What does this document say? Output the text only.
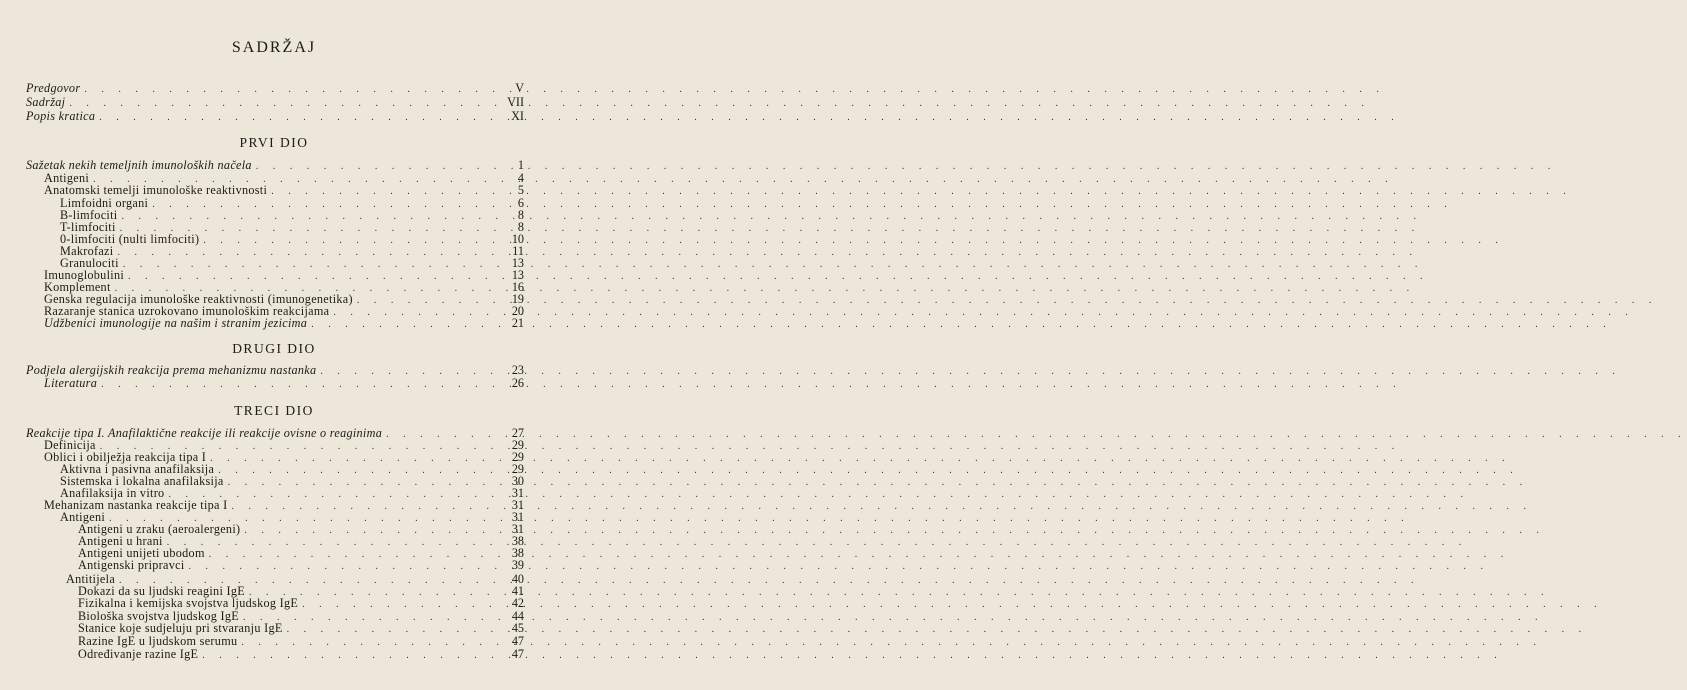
SADRŽAJ
Predgovor . . .	V
Sadržaj . . .	VII
Popis kratica . . .	XI
PRVI DIO
Sažetak nekih temeljnih imunoloških načela . . .	1
Antigeni . . .	4
Anatomski temelji imunološke reaktivnosti . . .	5
Limfoidni organi . . .	6
B-limfociti . . .	8
T-limfociti . . .	8
0-limfociti (nulti limfociti) . . .	10
Makrofazi . . .	11
Granulociti . . .	13
Imunoglobulini . . .	13
Komplement . . .	16
Genska regulacija imunološke reaktivnosti (imunogenetika) . . .	19
Razaranje stanica uzrokovano imunološkim reakcijama . . .	20
Udžbenici imunologije na našim i stranim jezicima . . .	21
DRUGI DIO
Podjela alergijskih reakcija prema mehanizmu nastanka . . .	23
Literatura . . .	26
TRECI DIO
Reakcije tipa I. Anafilaktične reakcije ili reakcije ovisne o reaginima . . .	27
Definicija . . .	29
Oblici i obilježja reakcija tipa I . . .	29
Aktivna i pasivna anafilaksija . . .	29
Sistemska i lokalna anafilaksija . . .	30
Anafilaksija in vitro . . .	31
Mehanizam nastanka reakcije tipa I . . .	31
Antigeni . . .	31
Antigeni u zraku (aeroalergeni) . . .	31
Antigeni u hrani . . .	38
Antigeni unijeti ubodom . . .	38
Antigenski pripravci . . .	39
Antitijela . . .	40
Dokazi da su ljudski reagini IgE . . .	41
Fizikalna i kemijska svojstva ljudskog IgE . . .	42
Biološka svojstva ljudskog IgE . . .	44
Stanice koje sudjeluju pri stvaranju IgE . . .	45
Razine IgE u ljudskom serumu . . .	47
Određivanje razine IgE . . .	47
